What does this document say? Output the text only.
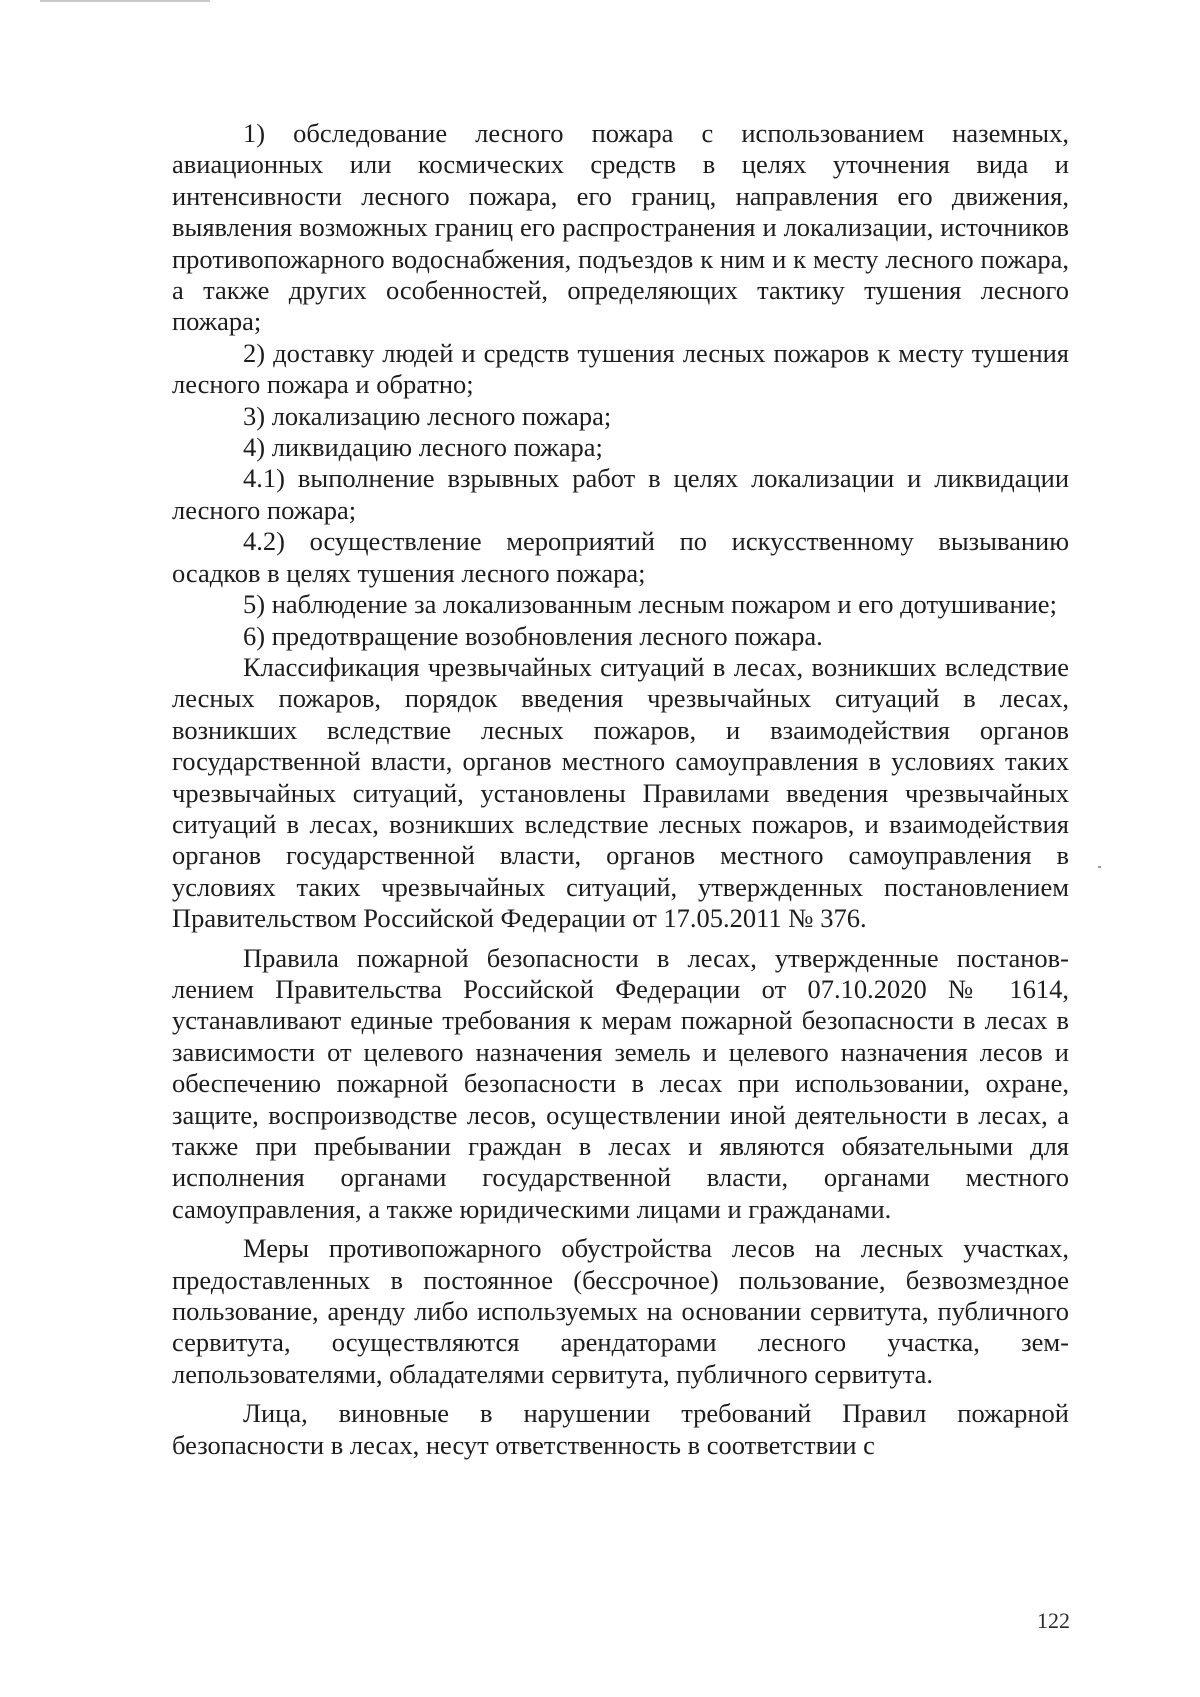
1) обследование лесного пожара с использованием наземных, авиационных или космических средств в целях уточнения вида и интенсивности лесного пожара, его границ, направления его движения, выявления возможных границ его распространения и локализации, источников противопожарного водоснабжения, подъездов к ним и к месту лесного пожара, а также других особенностей, определяющих тактику тушения лесного пожара;

2) доставку людей и средств тушения лесных пожаров к месту тушения лесного пожара и обратно;

3) локализацию лесного пожара;

4) ликвидацию лесного пожара;

4.1) выполнение взрывных работ в целях локализации и ликвидации лесного пожара;

4.2) осуществление мероприятий по искусственному вызыванию осадков в целях тушения лесного пожара;

5) наблюдение за локализованным лесным пожаром и его дотушивание;

6) предотвращение возобновления лесного пожара.

Классификация чрезвычайных ситуаций в лесах, возникших вследствие лесных пожаров, порядок введения чрезвычайных ситуаций в лесах, возникших вследствие лесных пожаров, и взаимодействия органов государственной власти, органов местного самоуправления в условиях таких чрезвычайных ситуаций, установлены Правилами введения чрезвычайных ситуаций в лесах, возникших вследствие лесных пожаров, и взаимодействия органов государственной власти, органов местного самоуправления в условиях таких чрезвычайных ситуаций, утвержденных постановлением Правительством Российской Федерации от 17.05.2011 № 376.

Правила пожарной безопасности в лесах, утвержденные постановлением Правительства Российской Федерации от 07.10.2020 № 1614, устанавливают единые требования к мерам пожарной безопасности в лесах в зависимости от целевого назначения земель и целевого назначения лесов и обеспечению пожарной безопасности в лесах при использовании, охране, защите, воспроизводстве лесов, осуществлении иной деятельности в лесах, а также при пребывании граждан в лесах и являются обязательными для исполнения органами государственной власти, органами местного самоуправления, а также юридическими лицами и гражданами.

Меры противопожарного обустройства лесов на лесных участках, предоставленных в постоянное (бессрочное) пользование, безвозмездное пользование, аренду либо используемых на основании сервитута, публичного сервитута, осуществляются арендаторами лесного участка, землепользователями, обладателями сервитута, публичного сервитута.

Лица, виновные в нарушении требований Правил пожарной безопасности в лесах, несут ответственность в соответствии с

122
